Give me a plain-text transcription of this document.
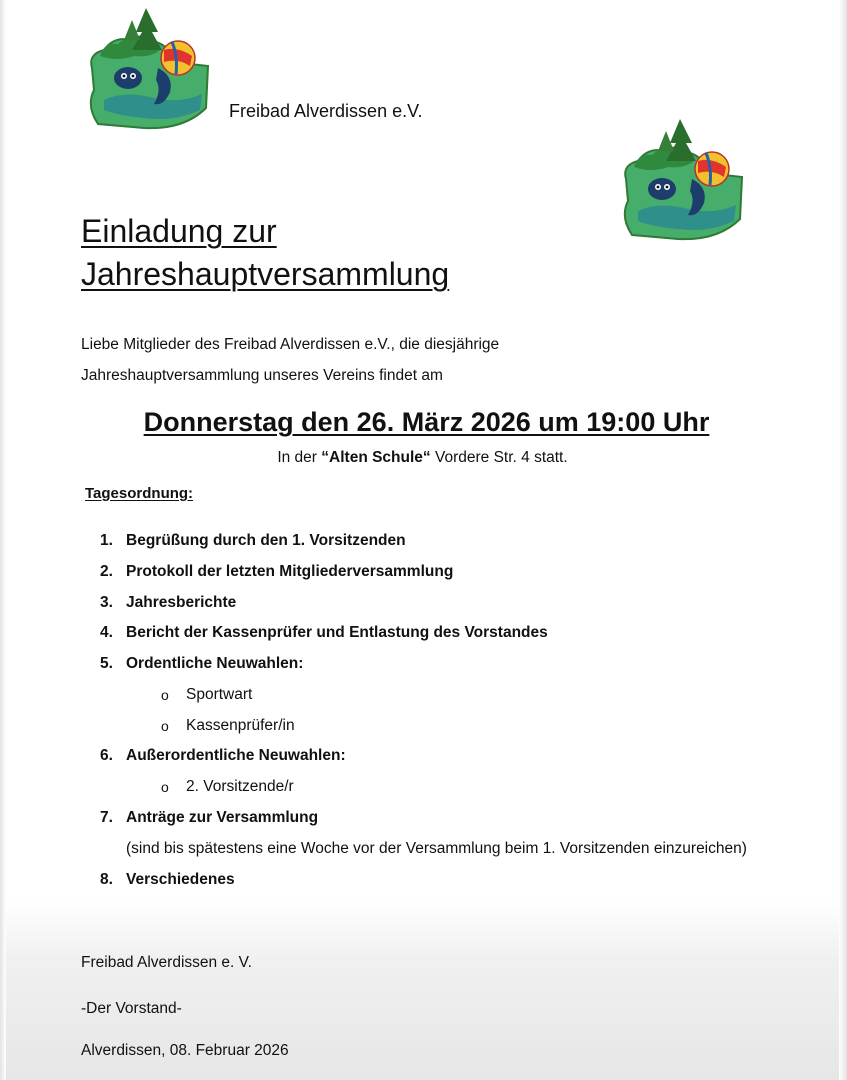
Freibad Alverdissen e.V.
Einladung zur
Jahreshauptversammlung
Liebe Mitglieder des Freibad Alverdissen e.V., die diesjährige
Jahreshauptversammlung unseres Vereins findet am
Donnerstag den 26. März 2026 um 19:00 Uhr
In der “Alten Schule“ Vordere Str. 4 statt.
Tagesordnung:
1. Begrüßung durch den 1. Vorsitzenden
2. Protokoll der letzten Mitgliederversammlung
3. Jahresberichte
4. Bericht der Kassenprüfer und Entlastung des Vorstandes
5. Ordentliche Neuwahlen:
o Sportwart
o Kassenprüfer/in
6. Außerordentliche Neuwahlen:
o 2. Vorsitzende/r
7. Anträge zur Versammlung
(sind bis spätestens eine Woche vor der Versammlung beim 1. Vorsitzenden einzureichen)
8. Verschiedenes
Freibad Alverdissen e. V.
-Der Vorstand-
Alverdissen, 08. Februar 2026
